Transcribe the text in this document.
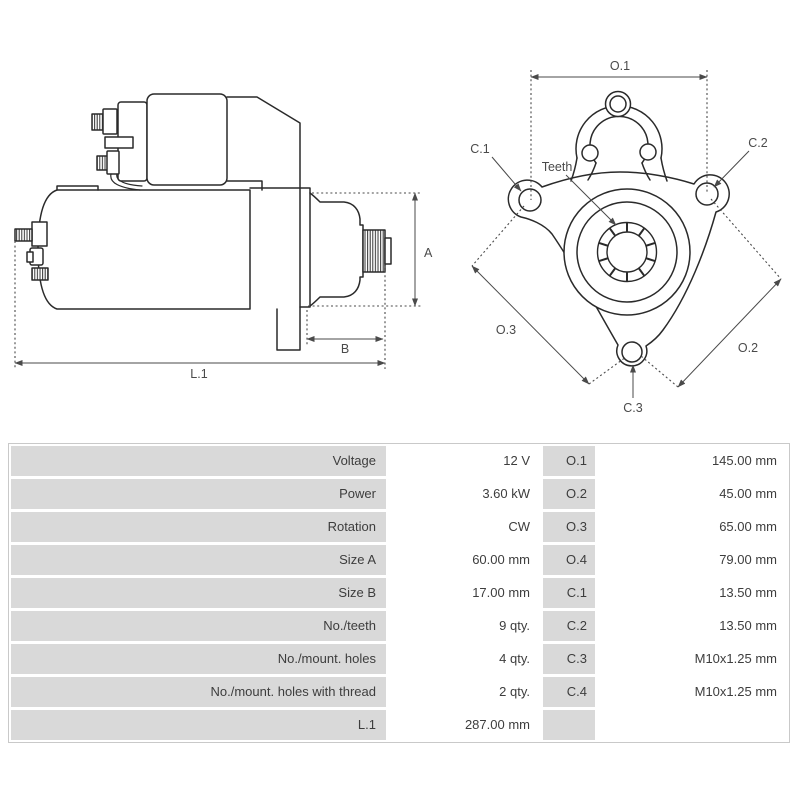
A
B
L.1
O.1
C.1	C.2
Teeth
O.3
O.2
C.3
Voltage	12 V	O.1	145.00 mm
Power	3.60 kW	O.2	45.00 mm
Rotation	CW	O.3	65.00 mm
Size A	60.00 mm	O.4	79.00 mm
Size B	17.00 mm	C.1	13.50 mm
No./teeth	9 qty.	C.2	13.50 mm
No./mount. holes	4 qty.	C.3	M10x1.25 mm
No./mount. holes with thread	2 qty.	C.4	M10x1.25 mm
L.1	287.00 mm
